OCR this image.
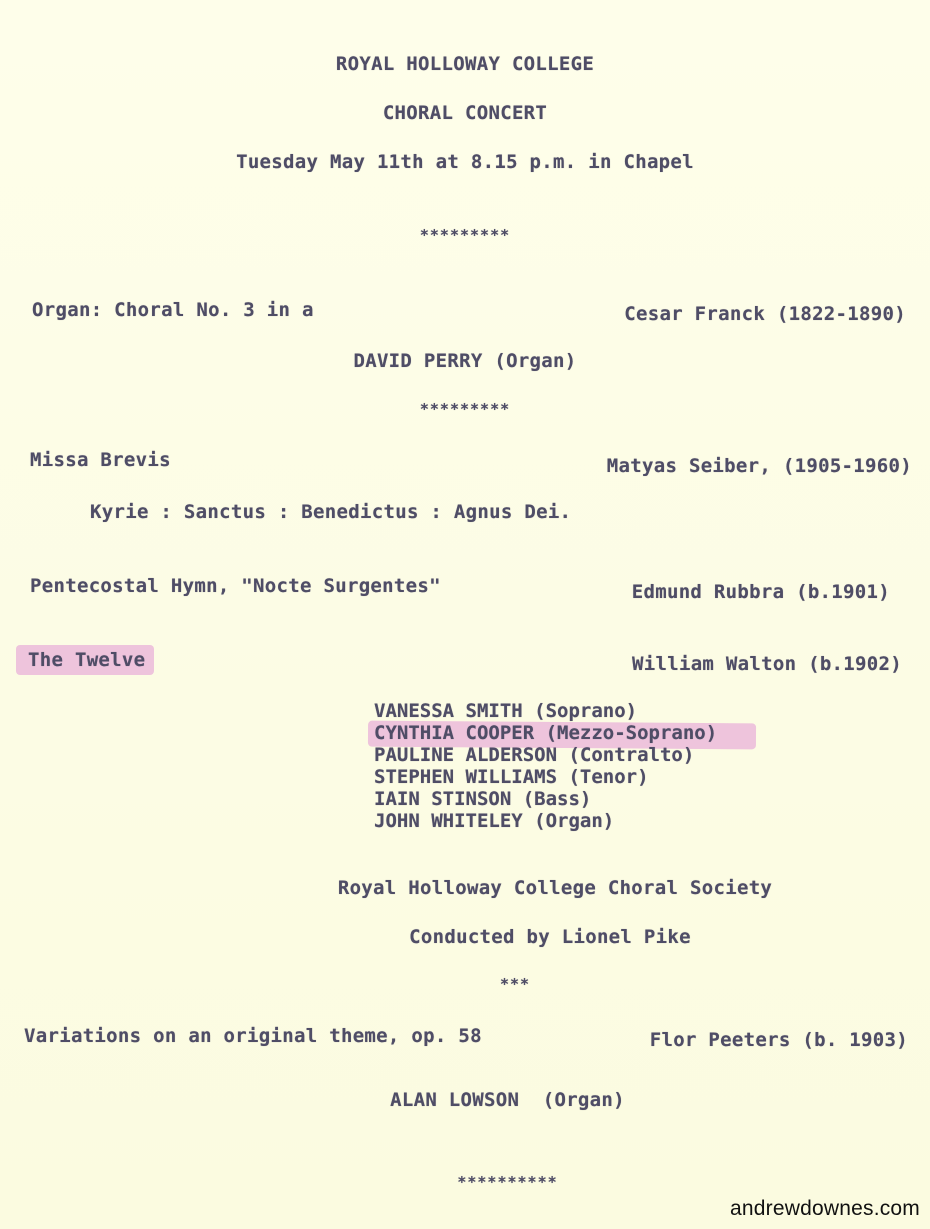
ROYAL HOLLOWAY COLLEGE
CHORAL CONCERT
Tuesday May 11th at 8.15 p.m. in Chapel
*********
Organ: Choral No. 3 in a	Cesar Franck (1822-1890)
DAVID PERRY (Organ)
*********
Missa Brevis	Matyas Seiber, (1905-1960)
Kyrie : Sanctus : Benedictus : Agnus Dei.
Pentecostal Hymn, "Nocte Surgentes"	Edmund Rubbra (b.1901)
The Twelve	William Walton (b.1902)
VANESSA SMITH (Soprano)
CYNTHIA COOPER (Mezzo-Soprano)
PAULINE ALDERSON (Contralto)
STEPHEN WILLIAMS (Tenor)
IAIN STINSON (Bass)
JOHN WHITELEY (Organ)
Royal Holloway College Choral Society
Conducted by Lionel Pike
***
Variations on an original theme, op. 58	Flor Peeters (b. 1903)
ALAN LOWSON  (Organ)
**********
andrewdownes.com
